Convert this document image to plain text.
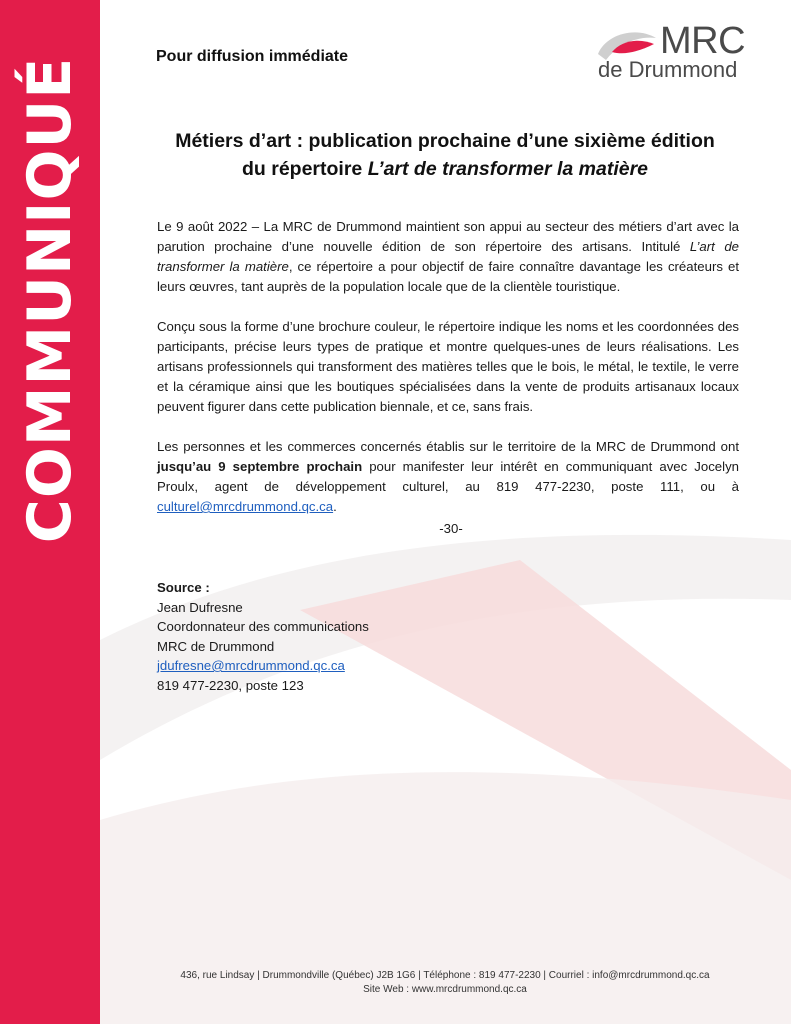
COMMUNIQUÉ
Pour diffusion immédiate	MRC
de Drummond
Métiers d’art : publication prochaine d’une sixième édition
du répertoire L’art de transformer la matière

Le 9 août 2022 – La MRC de Drummond maintient son appui au secteur des métiers d’art avec la parution prochaine d’une nouvelle édition de son répertoire des artisans. Intitulé L’art de transformer la matière, ce répertoire a pour objectif de faire connaître davantage les créateurs et leurs œuvres, tant auprès de la population locale que de la clientèle touristique.

Conçu sous la forme d’une brochure couleur, le répertoire indique les noms et les coordonnées des participants, précise leurs types de pratique et montre quelques-unes de leurs réalisations. Les artisans professionnels qui transforment des matières telles que le bois, le métal, le textile, le verre et la céramique ainsi que les boutiques spécialisées dans la vente de produits artisanaux locaux peuvent figurer dans cette publication biennale, et ce, sans frais.

Les personnes et les commerces concernés établis sur le territoire de la MRC de Drummond ont jusqu’au 9 septembre prochain pour manifester leur intérêt en communiquant avec Jocelyn Proulx, agent de développement culturel, au 819 477-2230, poste 111, ou à culturel@mrcdrummond.qc.ca.

-30-
Source :
Jean Dufresne
Coordonnateur des communications
MRC de Drummond
jdufresne@mrcdrummond.qc.ca
819 477-2230, poste 123
436, rue Lindsay | Drummondville (Québec) J2B 1G6 | Téléphone : 819 477-2230 | Courriel : info@mrcdrummond.qc.ca
Site Web : www.mrcdrummond.qc.ca
